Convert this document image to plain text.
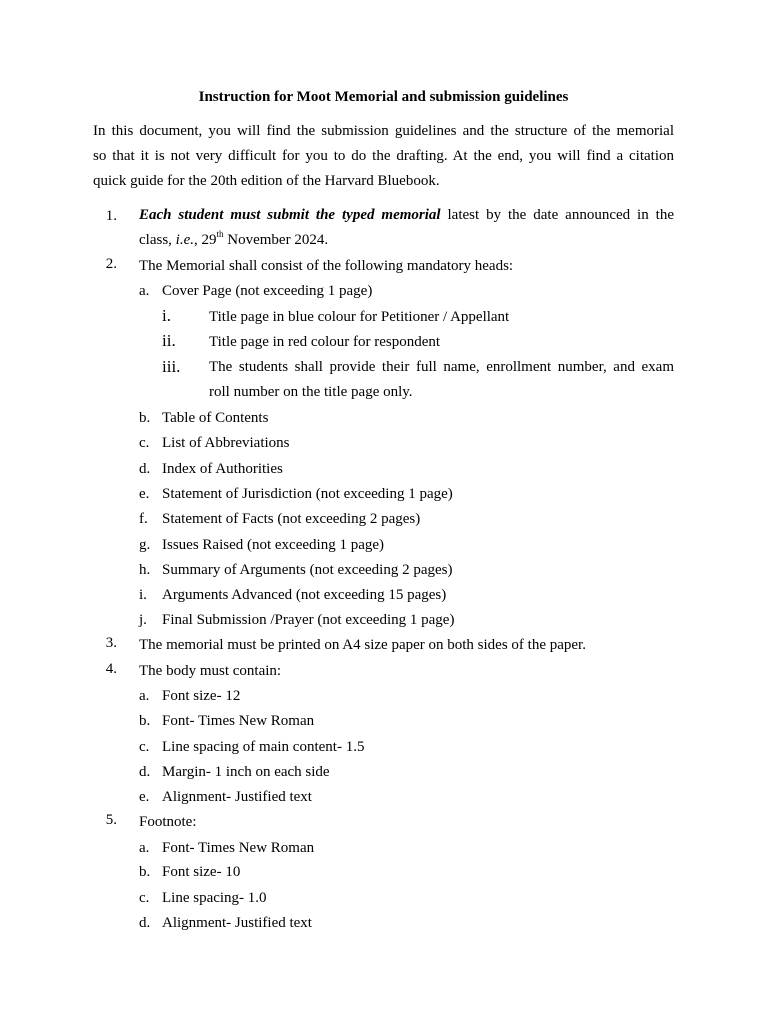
Instruction for Moot Memorial and submission guidelines
In this document, you will find the submission guidelines and the structure of the memorial
so that it is not very difficult for you to do the drafting. At the end, you will find a citation
quick guide for the 20th edition of the Harvard Bluebook.
1. Each student must submit the typed memorial latest by the date announced in the
class, i.e., 29th November 2024.
2. The Memorial shall consist of the following mandatory heads:
a. Cover Page (not exceeding 1 page)
i.	Title page in blue colour for Petitioner / Appellant
ii. Title page in red colour for respondent
iii. The students shall provide their full name, enrollment number, and exam
roll number on the title page only.
b. Table of Contents
c. List of Abbreviations
d. Index of Authorities
e. Statement of Jurisdiction (not exceeding 1 page)
f. Statement of Facts (not exceeding 2 pages)
g. Issues Raised (not exceeding 1 page)
h. Summary of Arguments (not exceeding 2 pages)
i. Arguments Advanced (not exceeding 15 pages)
j. Final Submission /Prayer (not exceeding 1 page)
3. The memorial must be printed on A4 size paper on both sides of the paper.
4. The body must contain:
a. Font size- 12
b. Font- Times New Roman
c. Line spacing of main content- 1.5
d. Margin- 1 inch on each side
e. Alignment- Justified text
5. Footnote:
a. Font- Times New Roman
b. Font size- 10
c. Line spacing- 1.0
d. Alignment- Justified text
